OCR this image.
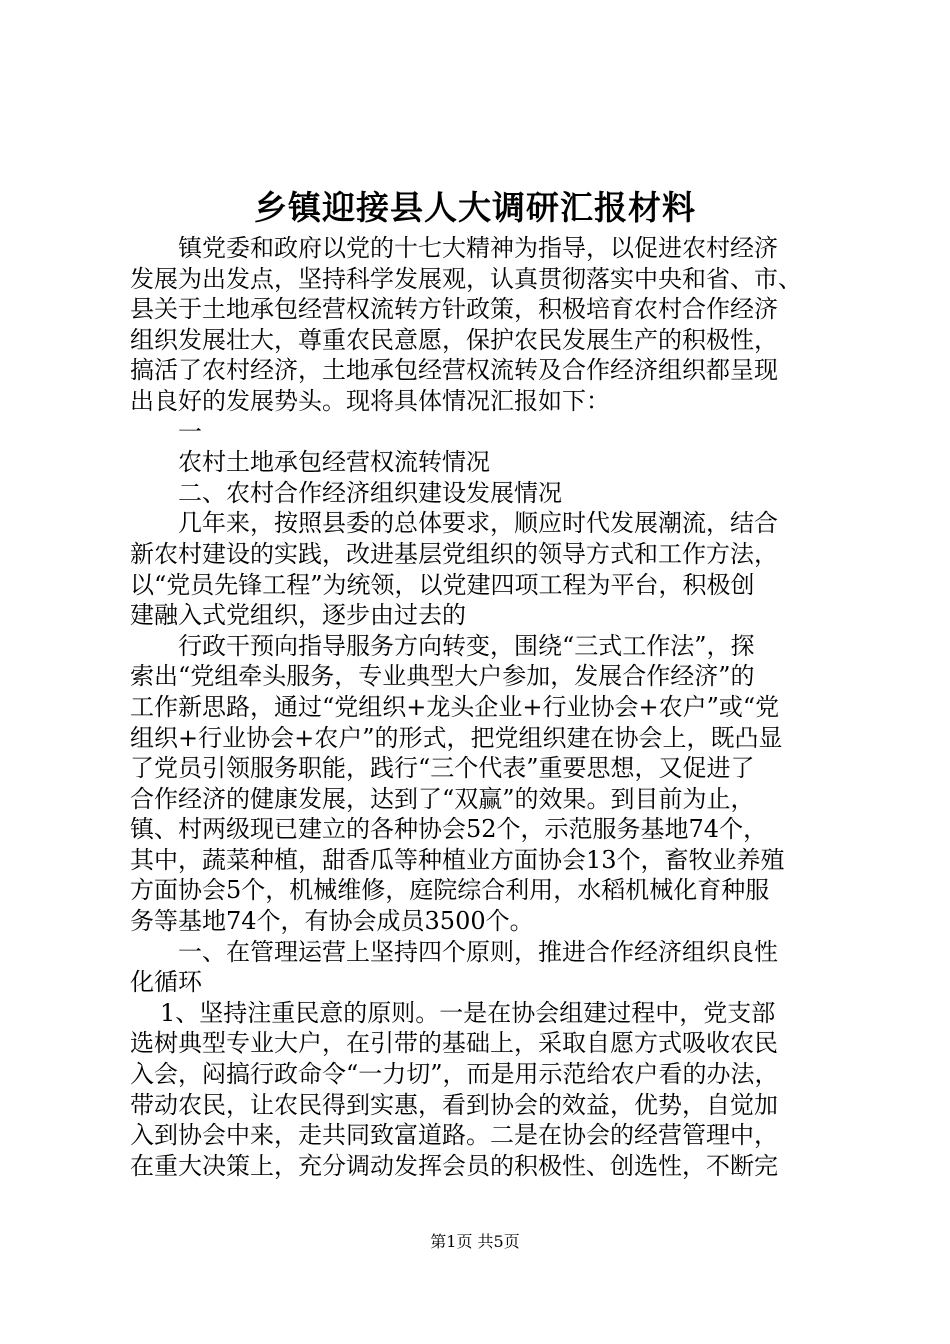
乡镇迎接县人大调研汇报材料
镇党委和政府以党的十七大精神为指导，以促进农村经济
发展为出发点，坚持科学发展观，认真贯彻落实中央和省、市、
县关于土地承包经营权流转方针政策，积极培育农村合作经济
组织发展壮大，尊重农民意愿，保护农民发展生产的积极性，
搞活了农村经济，土地承包经营权流转及合作经济组织都呈现
出良好的发展势头。现将具体情况汇报如下：
一
农村土地承包经营权流转情况
二、农村合作经济组织建设发展情况
几年来，按照县委的总体要求，顺应时代发展潮流，结合
新农村建设的实践，改进基层党组织的领导方式和工作方法，
以“党员先锋工程”为统领，以党建四项工程为平台，积极创
建融入式党组织，逐步由过去的
行政干预向指导服务方向转变，围绕“三式工作法”，探
索出“党组牵头服务，专业典型大户参加，发展合作经济”的
工作新思路，通过“党组织+龙头企业+行业协会+农户”或“党
组织+行业协会+农户”的形式，把党组织建在协会上，既凸显
了党员引领服务职能，践行“三个代表”重要思想，又促进了
合作经济的健康发展，达到了“双赢”的效果。到目前为止，
镇、村两级现已建立的各种协会52个，示范服务基地74个，
其中，蔬菜种植，甜香瓜等种植业方面协会13个，畜牧业养殖
方面协会5个，机械维修，庭院综合利用，水稻机械化育种服
务等基地74个，有协会成员3500个。
一、在管理运营上坚持四个原则，推进合作经济组织良性
化循环
1、坚持注重民意的原则。一是在协会组建过程中，党支部
选树典型专业大户，在引带的基础上，采取自愿方式吸收农民
入会，闷搞行政命令“一力切”，而是用示范给农户看的办法，
带动农民，让农民得到实惠，看到协会的效益，优势，自觉加
入到协会中来，走共同致富道路。二是在协会的经营管理中，
在重大决策上，充分调动发挥会员的积极性、创选性，不断完
第1页 共5页
